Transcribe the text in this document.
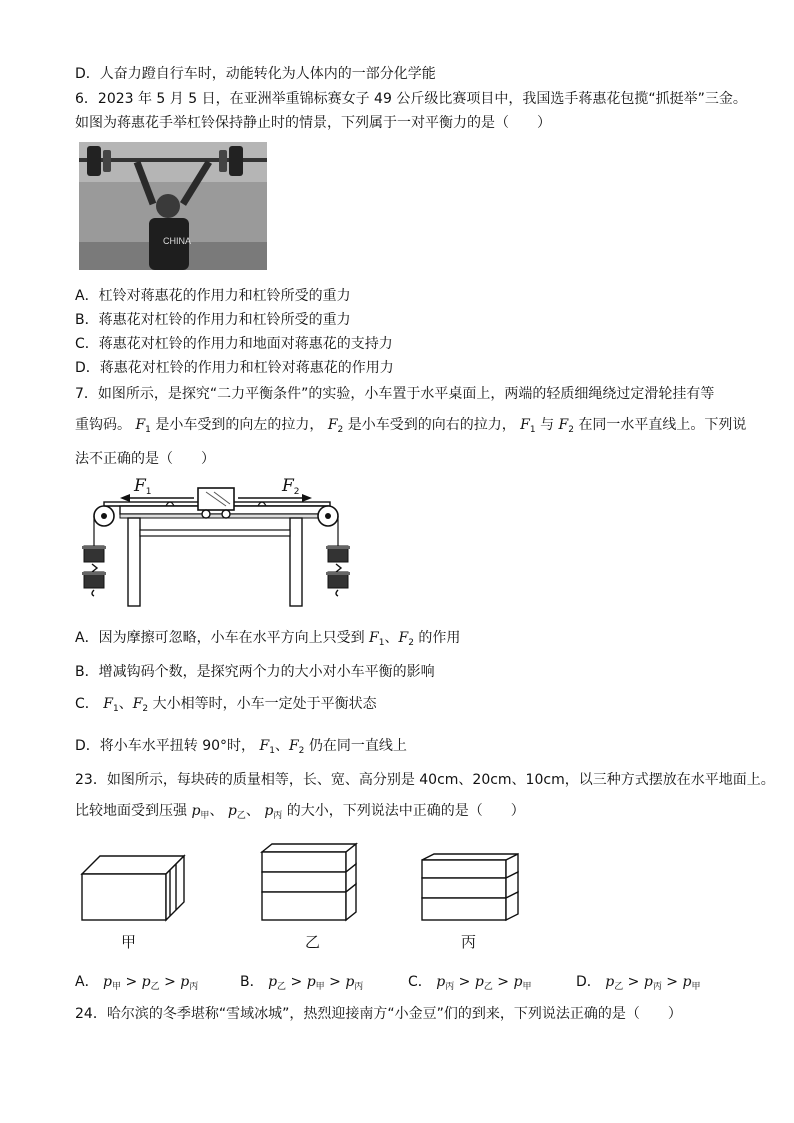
D．人奋力蹬自行车时，动能转化为人体内的一部分化学能
6．2023 年 5 月 5 日，在亚洲举重锦标赛女子 49 公斤级比赛项目中，我国选手蒋惠花包揽“抓挺举”三金。
如图为蒋惠花手举杠铃保持静止时的情景，下列属于一对平衡力的是（　　）
CHINA
A．杠铃对蒋惠花的作用力和杠铃所受的重力
B．蒋惠花对杠铃的作用力和杠铃所受的重力
C．蒋惠花对杠铃的作用力和地面对蒋惠花的支持力
D．蒋惠花对杠铃的作用力和杠铃对蒋惠花的作用力
7．如图所示，是探究“二力平衡条件”的实验，小车置于水平桌面上，两端的轻质细绳绕过定滑轮挂有等
重钩码。 $F_1$ 是小车受到的向左的拉力， $F_2$ 是小车受到的向右的拉力， $F_1$ 与 $F_2$ 在同一水平直线上。下列说
法不正确的是（　　）
$F_1$	$F_2$
A．因为摩擦可忽略，小车在水平方向上只受到 $F_1$、$F_2$ 的作用
B．增减钩码个数，是探究两个力的大小对小车平衡的影响
C． $F_1$、$F_2$ 大小相等时，小车一定处于平衡状态
D．将小车水平扭转 90°时， $F_1$、$F_2$ 仍在同一直线上
23．如图所示，每块砖的质量相等，长、宽、高分别是 40cm、20cm、10cm，以三种方式摆放在水平地面上。
比较地面受到压强 $p_甲$、 $p_乙$、 $p_丙$ 的大小，下列说法中正确的是（　　）
甲	乙	丙
A． $p_甲 > p_乙 > p_丙$	B． $p_乙 > p_甲 > p_丙$	C． $p_丙 > p_乙 > p_甲$	D． $p_乙 > p_丙 > p_甲$
24．哈尔滨的冬季堪称“雪域冰城”，热烈迎接南方“小金豆”们的到来，下列说法正确的是（　　）
